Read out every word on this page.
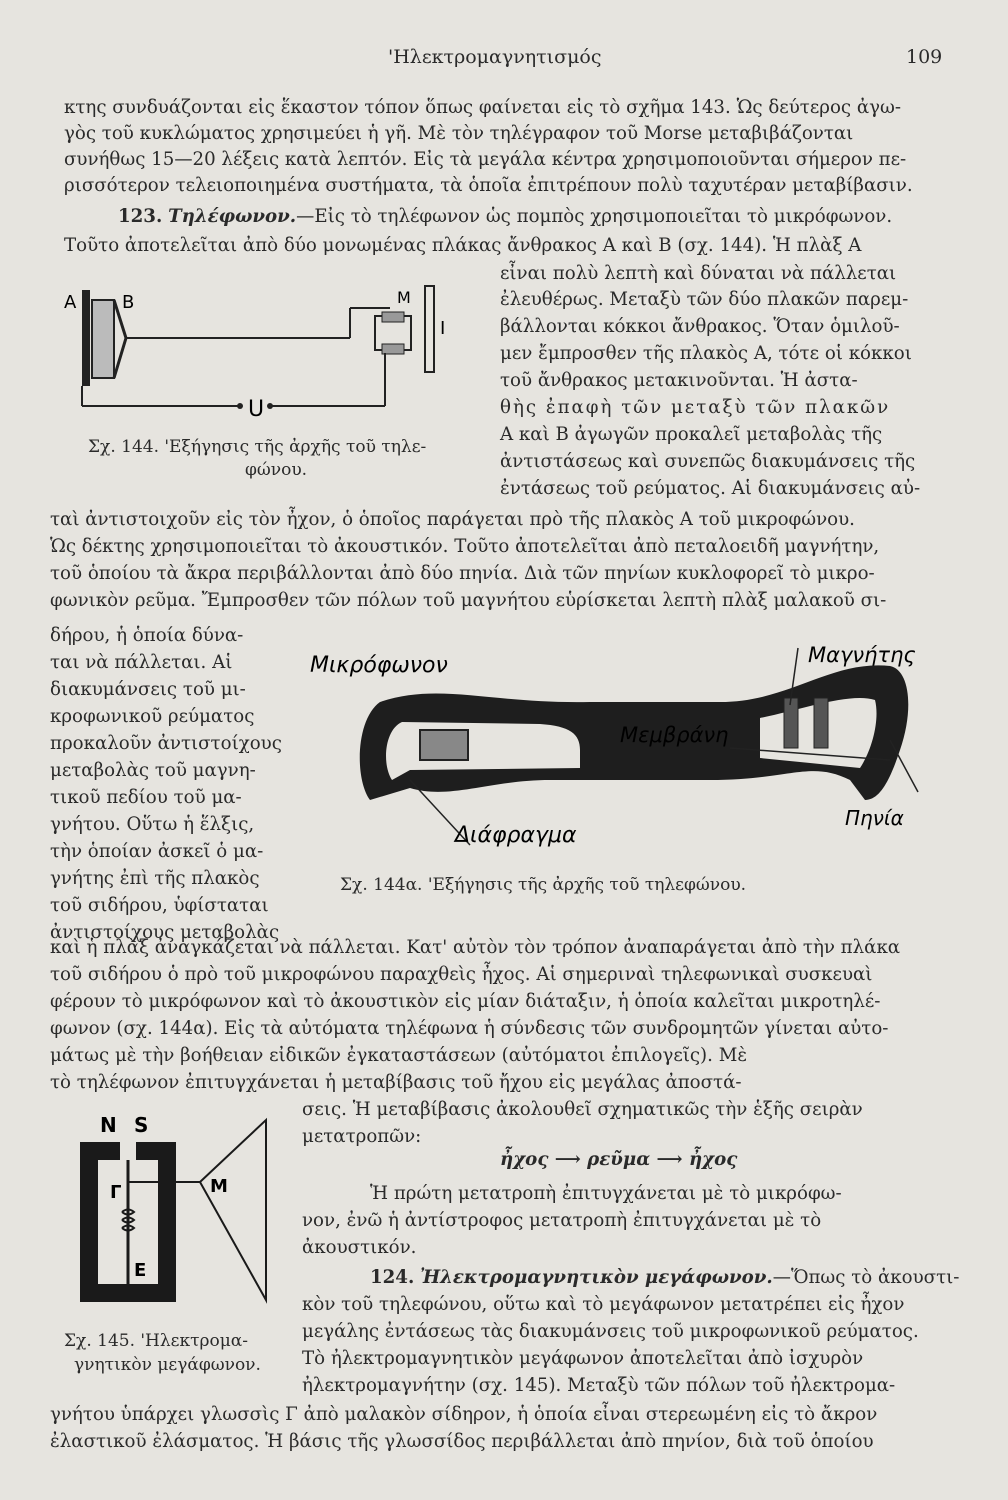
'Ηλεκτρομαγνητισμός	109
κτης συνδυάζονται εἰς ἕκαστον τόπον ὅπως φαίνεται εἰς τὸ σχῆμα 143. Ὡς δεύτερος ἀγω-
γὸς τοῦ κυκλώματος χρησιμεύει ἡ γῆ. Μὲ τὸν τηλέγραφον τοῦ Morse μεταβιβάζονται
συνήθως 15—20 λέξεις κατὰ λεπτόν. Εἰς τὰ μεγάλα κέντρα χρησιμοποιοῦνται σήμερον πε-
ρισσότερον τελειοποιημένα συστήματα, τὰ ὁποῖα ἐπιτρέπουν πολὺ ταχυτέραν μεταβίβασιν.
123. Τηλέφωνον.—Εἰς τὸ τηλέφωνον ὡς πομπὸς χρησιμοποιεῖται τὸ μικρόφωνον.
Τοῦτο ἀποτελεῖται ἀπὸ δύο μονωμένας πλάκας ἄνθρακος Α καὶ Β (σχ. 144). Ἡ πλὰξ Α
εἶναι πολὺ λεπτὴ καὶ δύναται νὰ πάλλεται
ἐλευθέρως. Μεταξὺ τῶν δύο πλακῶν παρεμ-
βάλλονται κόκκοι ἄνθρακος. Ὅταν ὁμιλοῦ-
μεν ἔμπροσθεν τῆς πλακὸς Α, τότε οἱ κόκκοι
τοῦ ἄνθρακος μετακινοῦνται. Ἡ ἀστα-
θὴς ἐπαφὴ τῶν μεταξὺ τῶν πλακῶν
Α καὶ Β ἀγωγῶν προκαλεῖ μεταβολὰς τῆς
ἀντιστάσεως καὶ συνεπῶς διακυμάνσεις τῆς
ἐντάσεως τοῦ ρεύματος. Αἱ διακυμάνσεις αὐ-
A	B	M
I
U
Σχ. 144. 'Εξήγησις τῆς ἀρχῆς τοῦ τηλε-
φώνου.
ταὶ ἀντιστοιχοῦν εἰς τὸν ἦχον, ὁ ὁποῖος παράγεται πρὸ τῆς πλακὸς Α τοῦ μικροφώνου.
Ὡς δέκτης χρησιμοποιεῖται τὸ ἀκουστικόν. Τοῦτο ἀποτελεῖται ἀπὸ πεταλοειδῆ μαγνήτην,
τοῦ ὁποίου τὰ ἄκρα περιβάλλονται ἀπὸ δύο πηνία. Διὰ τῶν πηνίων κυκλοφορεῖ τὸ μικρο-
φωνικὸν ρεῦμα. Ἔμπροσθεν τῶν πόλων τοῦ μαγνήτου εὑρίσκεται λεπτὴ πλὰξ μαλακοῦ σι-
δήρου, ἡ ὁποία δύνα-
ται νὰ πάλλεται. Αἱ
διακυμάνσεις τοῦ μι-
κροφωνικοῦ ρεύματος
προκαλοῦν ἀντιστοίχους
μεταβολὰς τοῦ μαγνη-
τικοῦ πεδίου τοῦ μα-
γνήτου. Οὕτω ἡ ἕλξις,
τὴν ὁποίαν ἀσκεῖ ὁ μα-
γνήτης ἐπὶ τῆς πλακὸς
τοῦ σιδήρου, ὑφίσταται
ἀντιστοίχους μεταβολὰς
Μικρόφωνον	Μαγνήτης
Μεμβράνη
Πηνία
Διάφραγμα
Σχ. 144α. 'Εξήγησις τῆς ἀρχῆς τοῦ τηλεφώνου.
καὶ ἡ πλὰξ ἀναγκάζεται νὰ πάλλεται. Κατ' αὐτὸν τὸν τρόπον ἀναπαράγεται ἀπὸ τὴν πλάκα
τοῦ σιδήρου ὁ πρὸ τοῦ μικροφώνου παραχθεὶς ἦχος. Αἱ σημεριναὶ τηλεφωνικαὶ συσκευαὶ
φέρουν τὸ μικρόφωνον καὶ τὸ ἀκουστικὸν εἰς μίαν διάταξιν, ἡ ὁποία καλεῖται μικροτηλέ-
φωνον (σχ. 144α). Εἰς τὰ αὐτόματα τηλέφωνα ἡ σύνδεσις τῶν συνδρομητῶν γίνεται αὐτο-
μάτως μὲ τὴν βοήθειαν εἰδικῶν ἐγκαταστάσεων (αὐτόματοι ἐπιλογεῖς). Μὲ
τὸ τηλέφωνον ἐπιτυγχάνεται ἡ μεταβίβασις τοῦ ἤχου εἰς μεγάλας ἀποστά-
σεις. Ἡ μεταβίβασις ἀκολουθεῖ σχηματικῶς τὴν ἑξῆς σειρὰν
μετατροπῶν:
ἦχος ⟶ ρεῦμα ⟶ ἦχος
Ἡ πρώτη μετατροπὴ ἐπιτυγχάνεται μὲ τὸ μικρόφω-
νον, ἐνῶ ἡ ἀντίστροφος μετατροπὴ ἐπιτυγχάνεται μὲ τὸ
ἀκουστικόν.
124. Ἠλεκτρομαγνητικὸν μεγάφωνον.—Ὅπως τὸ ἀκουστι-
κὸν τοῦ τηλεφώνου, οὕτω καὶ τὸ μεγάφωνον μετατρέπει εἰς ἦχον
μεγάλης ἐντάσεως τὰς διακυμάνσεις τοῦ μικροφωνικοῦ ρεύματος.
Τὸ ἠλεκτρομαγνητικὸν μεγάφωνον ἀποτελεῖται ἀπὸ ἰσχυρὸν
ἠλεκτρομαγνήτην (σχ. 145). Μεταξὺ τῶν πόλων τοῦ ἠλεκτρομα-
N S
Γ
E
M
Σχ. 145. 'Ηλεκτρομα-
γνητικὸν μεγάφωνον.
γνήτου ὑπάρχει γλωσσὶς Γ ἀπὸ μαλακὸν σίδηρον, ἡ ὁποία εἶναι στερεωμένη εἰς τὸ ἄκρον
ἐλαστικοῦ ἐλάσματος. Ἡ βάσις τῆς γλωσσίδος περιβάλλεται ἀπὸ πηνίον, διὰ τοῦ ὁποίου
